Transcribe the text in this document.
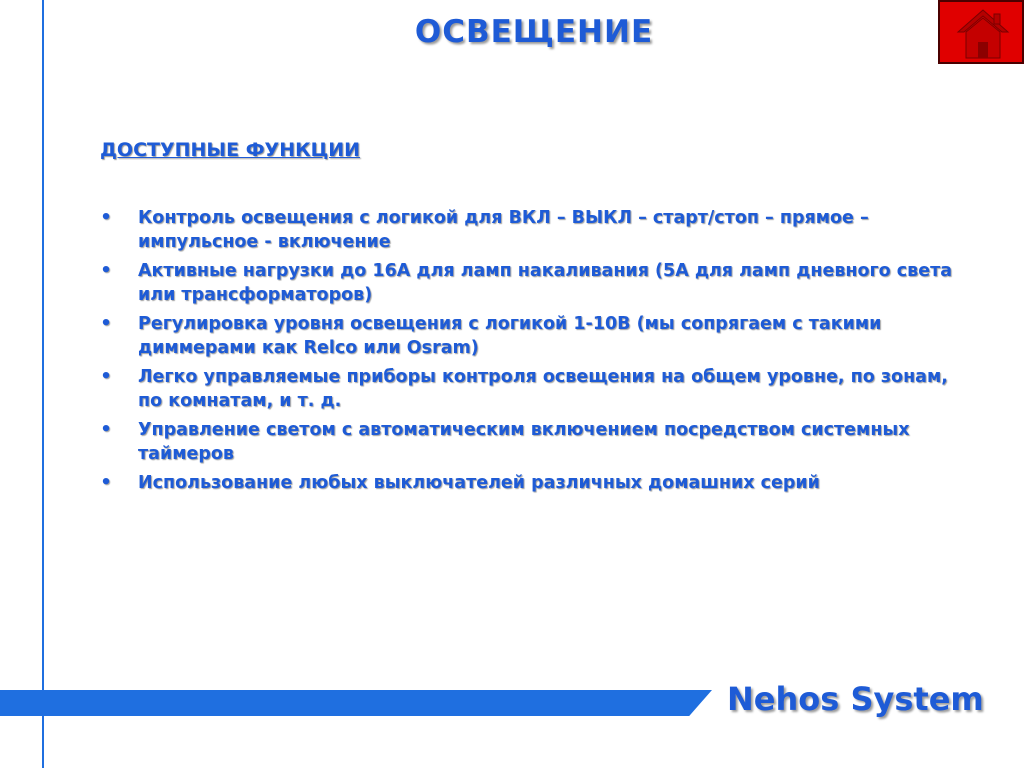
ОСВЕЩЕНИЕ
ДОСТУПНЫЕ ФУНКЦИИ
• Контроль освещения с логикой для ВКЛ – ВЫКЛ – старт/стоп – прямое – импульсное - включение
• Активные нагрузки до 16А для ламп накаливания (5А для ламп дневного света или трансформаторов)
• Регулировка уровня освещения с логикой 1-10В (мы сопрягаем с такими диммерами как Relco или Osram)
• Легко управляемые приборы контроля освещения на общем уровне, по зонам, по комнатам, и т. д.
• Управление светом с автоматическим включением посредством системных таймеров
• Использование любых выключателей различных домашних серий

Nehos System
